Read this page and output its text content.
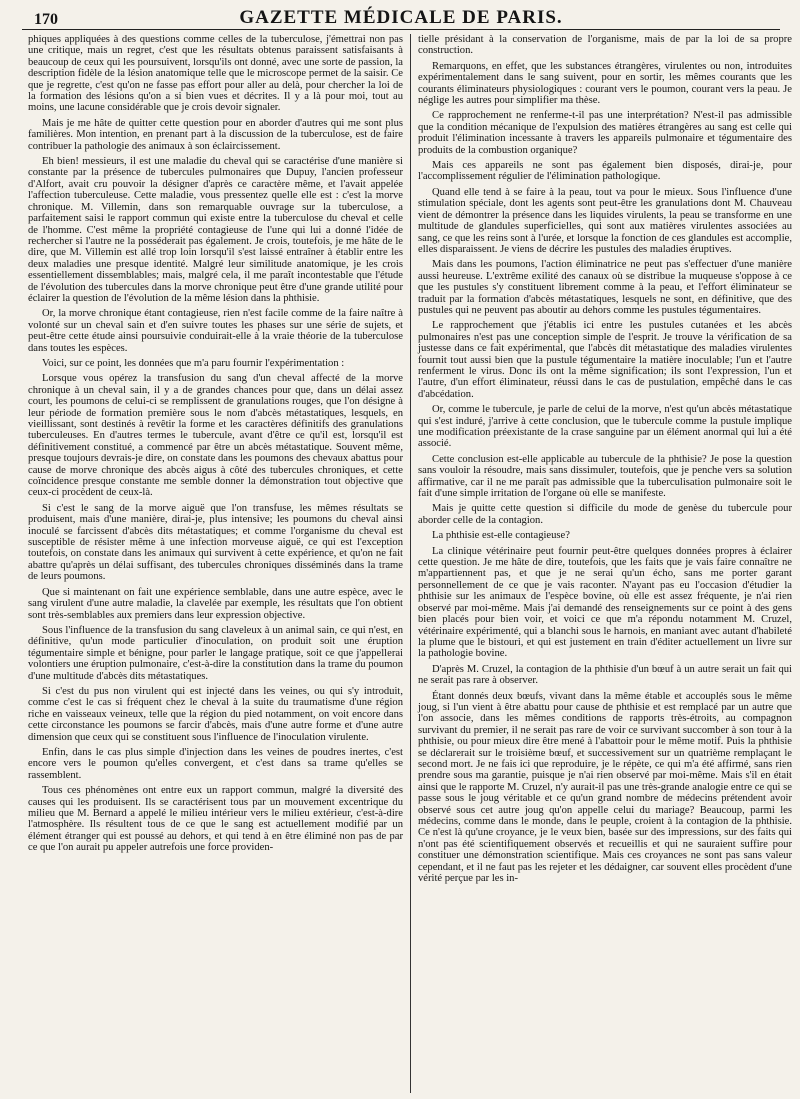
170	GAZETTE MÉDICALE DE PARIS.

phiques appliquées à des questions comme celles de la tuberculose, j'émettrai non pas une critique, mais un regret, c'est que les résultats obtenus paraissent satisfaisants à beaucoup de ceux qui les poursuivent, lorsqu'ils ont donné, avec une sorte de passion, la description fidèle de la lésion anatomique telle que le microscope permet de la saisir. Ce que je regrette, c'est qu'on ne fasse pas effort pour aller au delà, pour chercher la loi de la formation des lésions qu'on a si bien vues et décrites. Il y a là pour moi, tout au moins, une lacune considérable que je crois devoir signaler.

Mais je me hâte de quitter cette question pour en aborder d'autres qui me sont plus familières. Mon intention, en prenant part à la discussion de la tuberculose, est de faire contribuer la pathologie des animaux à son éclaircissement.

Eh bien! messieurs, il est une maladie du cheval qui se caractérise d'une manière si constante par la présence de tubercules pulmonaires que Dupuy, l'ancien professeur d'Alfort, avait cru pouvoir la désigner d'après ce caractère même, et l'avait appelée l'affection tuberculeuse. Cette maladie, vous pressentez quelle elle est : c'est la morve chronique. M. Villemin, dans son remarquable ouvrage sur la tuberculose, a parfaitement saisi le rapport commun qui existe entre la tuberculose du cheval et celle de l'homme. C'est même la propriété contagieuse de l'une qui lui a donné l'idée de rechercher si l'autre ne la posséderait pas également. Je crois, toutefois, je me hâte de le dire, que M. Villemin est allé trop loin lorsqu'il s'est laissé entraîner à établir entre les deux maladies une presque identité. Malgré leur similitude anatomique, je les crois essentiellement dissemblables; mais, malgré cela, il me paraît incontestable que l'étude de l'évolution des tubercules dans la morve chronique peut être d'une grande utilité pour éclairer la question de l'évolution de la même lésion dans la phthisie.

Or, la morve chronique étant contagieuse, rien n'est facile comme de la faire naître à volonté sur un cheval sain et d'en suivre toutes les phases sur une série de sujets, et peut-être cette étude ainsi poursuivie conduirait-elle à la vraie théorie de la tuberculose dans toutes les espèces.

Voici, sur ce point, les données que m'a paru fournir l'expérimentation :

Lorsque vous opérez la transfusion du sang d'un cheval affecté de la morve chronique à un cheval sain, il y a de grandes chances pour que, dans un délai assez court, les poumons de celui-ci se remplissent de granulations rouges, que l'on désigne à leur période de formation première sous le nom d'abcès métastatiques, lesquels, en vieillissant, sont destinés à revêtir la forme et les caractères définitifs des granulations tuberculeuses. En d'autres termes le tubercule, avant d'être ce qu'il est, lorsqu'il est définitivement constitué, a commencé par être un abcès métastatique. Souvent même, presque toujours devrais-je dire, on constate dans les poumons des chevaux abattus pour cause de morve chronique des abcès aigus à côté des tubercules chroniques, et cette coïncidence presque constante me semble donner la démonstration tout objective que ceux-ci procèdent de ceux-là.

Si c'est le sang de la morve aiguë que l'on transfuse, les mêmes résultats se produisent, mais d'une manière, dirai-je, plus intensive; les poumons du cheval ainsi inoculé se farcissent d'abcès dits métastatiques; et comme l'organisme du cheval est susceptible de résister même à une infection morveuse aiguë, ce qui est l'exception toutefois, on constate dans les animaux qui survivent à cette expérience, et qu'on ne fait abattre qu'après un délai suffisant, des tubercules chroniques disséminés dans la trame de leurs poumons.

Que si maintenant on fait une expérience semblable, dans une autre espèce, avec le sang virulent d'une autre maladie, la clavelée par exemple, les résultats que l'on obtient sont très-semblables aux premiers dans leur expression objective.

Sous l'influence de la transfusion du sang claveleux à un animal sain, ce qui n'est, en définitive, qu'un mode particulier d'inoculation, on produit soit une éruption tégumentaire simple et bénigne, pour parler le langage pratique, soit ce que j'appellerai volontiers une éruption pulmonaire, c'est-à-dire la constitution dans la trame du poumon d'une multitude d'abcès dits métastatiques.

Si c'est du pus non virulent qui est injecté dans les veines, ou qui s'y introduit, comme c'est le cas si fréquent chez le cheval à la suite du traumatisme d'une région riche en vaisseaux veineux, telle que la région du pied notamment, on voit encore dans cette circonstance les poumons se farcir d'abcès, mais d'une autre forme et d'une autre dimension que ceux qui se constituent sous l'influence de l'inoculation virulente.

Enfin, dans le cas plus simple d'injection dans les veines de poudres inertes, c'est encore vers le poumon qu'elles convergent, et c'est dans sa trame qu'elles se rassemblent.

Tous ces phénomènes ont entre eux un rapport commun, malgré la diversité des causes qui les produisent. Ils se caractérisent tous par un mouvement excentrique du milieu que M. Bernard a appelé le milieu intérieur vers le milieu extérieur, c'est-à-dire l'atmosphère. Ils résultent tous de ce que le sang est actuellement modifié par un élément étranger qui est poussé au dehors, et qui tend à en être éliminé non pas de par ce que l'on aurait pu appeler autrefois une force providen-

tielle présidant à la conservation de l'organisme, mais de par la loi de sa propre construction.

Remarquons, en effet, que les substances étrangères, virulentes ou non, introduites expérimentalement dans le sang suivent, pour en sortir, les mêmes courants que les courants éliminateurs physiologiques : courant vers le poumon, courant vers la peau. Je néglige les autres pour simplifier ma thèse.

Ce rapprochement ne renferme-t-il pas une interprétation? N'est-il pas admissible que la condition mécanique de l'expulsion des matières étrangères au sang est celle qui produit l'élimination incessante à travers les appareils pulmonaire et tégumentaire des produits de la combustion organique?

Mais ces appareils ne sont pas également bien disposés, dirai-je, pour l'accomplissement régulier de l'élimination pathologique.

Quand elle tend à se faire à la peau, tout va pour le mieux. Sous l'influence d'une stimulation spéciale, dont les agents sont peut-être les granulations dont M. Chauveau vient de démontrer la présence dans les liquides virulents, la peau se transforme en une multitude de glandules superficielles, qui sont aux matières virulentes associées au sang, ce que les reins sont à l'urée, et lorsque la fonction de ces glandules est accomplie, elles disparaissent. Je viens de décrire les pustules des maladies éruptives.

Mais dans les poumons, l'action éliminatrice ne peut pas s'effectuer d'une manière aussi heureuse. L'extrême exilité des canaux où se distribue la muqueuse s'oppose à ce que les pustules s'y constituent librement comme à la peau, et l'effort éliminateur se traduit par la formation d'abcès métastatiques, lesquels ne sont, en définitive, que des pustules qui ne peuvent pas aboutir au dehors comme les pustules tégumentaires.

Le rapprochement que j'établis ici entre les pustules cutanées et les abcès pulmonaires n'est pas une conception simple de l'esprit. Je trouve la vérification de sa justesse dans ce fait expérimental, que l'abcès dit métastatique des maladies virulentes fournit tout aussi bien que la pustule tégumentaire la matière inoculable; l'un et l'autre renferment le virus. Donc ils ont la même signification; ils sont l'expression, l'un et l'autre, d'un effort éliminateur, réussi dans le cas de pustulation, empêché dans le cas d'abcédation.

Or, comme le tubercule, je parle de celui de la morve, n'est qu'un abcès métastatique qui s'est induré, j'arrive à cette conclusion, que le tubercule comme la pustule implique une modification préexistante de la crase sanguine par un élément anormal qui lui a été associé.

Cette conclusion est-elle applicable au tubercule de la phthisie? Je pose la question sans vouloir la résoudre, mais sans dissimuler, toutefois, que je penche vers sa solution affirmative, car il ne me paraît pas admissible que la tuberculisation pulmonaire soit le fait d'une simple irritation de l'organe où elle se manifeste.

Mais je quitte cette question si difficile du mode de genèse du tubercule pour aborder celle de la contagion.

La phthisie est-elle contagieuse?

La clinique vétérinaire peut fournir peut-être quelques données propres à éclairer cette question. Je me hâte de dire, toutefois, que les faits que je vais faire connaître ne m'appartiennent pas, et que je ne serai qu'un écho, sans me porter garant personnellement de ce que je vais raconter. N'ayant pas eu l'occasion d'étudier la phthisie sur les animaux de l'espèce bovine, où elle est assez fréquente, je n'ai rien observé par moi-même. Mais j'ai demandé des renseignements sur ce point à des gens bien placés pour bien voir, et voici ce que m'a répondu notamment M. Cruzel, vétérinaire expérimenté, qui a blanchi sous le harnois, en maniant avec autant d'habileté la plume que le bistouri, et qui est justement en train d'éditer actuellement un livre sur la pathologie bovine.

D'après M. Cruzel, la contagion de la phthisie d'un bœuf à un autre serait un fait qui ne serait pas rare à observer.

Étant donnés deux bœufs, vivant dans la même étable et accouplés sous le même joug, si l'un vient à être abattu pour cause de phthisie et est remplacé par un autre que l'on associe, dans les mêmes conditions de rapports très-étroits, au compagnon survivant du premier, il ne serait pas rare de voir ce survivant succomber à son tour à la phthisie, ou pour mieux dire être mené à l'abattoir pour le même motif. Puis la phthisie se déclarerait sur le troisième bœuf, et successivement sur un quatrième remplaçant le second mort. Je ne fais ici que reproduire, je le répète, ce qui m'a été affirmé, sans rien prendre sous ma garantie, puisque je n'ai rien observé par moi-même. Mais s'il en était ainsi que le rapporte M. Cruzel, n'y aurait-il pas une très-grande analogie entre ce qui se passe sous le joug véritable et ce qu'un grand nombre de médecins prétendent avoir observé sous cet autre joug qu'on appelle celui du mariage? Beaucoup, parmi les médecins, comme dans le monde, dans le peuple, croient à la contagion de la phthisie. Ce n'est là qu'une croyance, je le veux bien, basée sur des impressions, sur des faits qui n'ont pas été scientifiquement observés et recueillis et qui ne sauraient suffire pour constituer une démonstration scientifique. Mais ces croyances ne sont pas sans valeur cependant, et il ne faut pas les rejeter et les dédaigner, car souvent elles procèdent d'une vérité perçue par les in-
